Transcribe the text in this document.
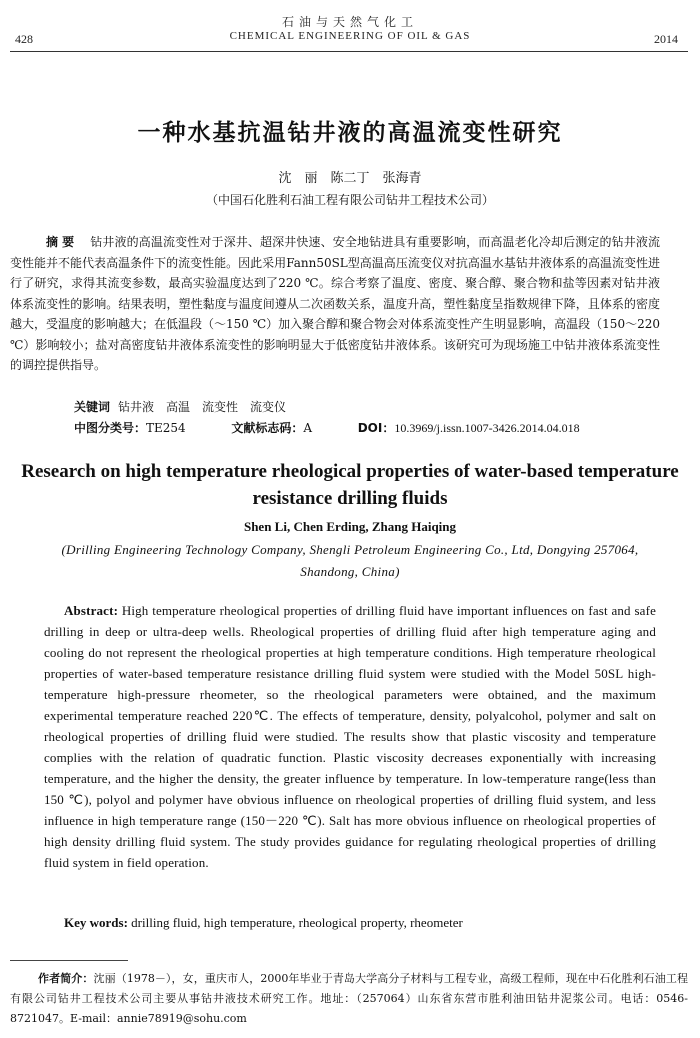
石油与天然气化工
CHEMICAL ENGINEERING OF OIL & GAS
428	2014
一种水基抗温钻井液的高温流变性研究
沈　丽　陈二丁　张海青
（中国石化胜利石油工程有限公司钻井工程技术公司）
摘要 钻井液的高温流变性对于深井、超深井快速、安全地钻进具有重要影响，而高温老化冷却后测定的钻井液流变性能并不能代表高温条件下的流变性能。因此采用Fann50SL型高温高压流变仪对抗高温水基钻井液体系的高温流变性进行了研究，求得其流变参数，最高实验温度达到了220 ℃。综合考察了温度、密度、聚合醇、聚合物和盐等因素对钻井液体系流变性的影响。结果表明，塑性黏度与温度间遵从二次函数关系，温度升高，塑性黏度呈指数规律下降，且体系的密度越大，受温度的影响越大；在低温段（～150 ℃）加入聚合醇和聚合物会对体系流变性产生明显影响，高温段（150～220 ℃）影响较小；盐对高密度钻井液体系流变性的影响明显大于低密度钻井液体系。该研究可为现场施工中钻井液体系流变性的调控提供指导。
关键词 钻井液　高温　流变性　流变仪
中图分类号：TE254	文献标志码：A	DOI：10.3969/j.issn.1007-3426.2014.04.018
Research on high temperature rheological properties of water-based temperature resistance drilling fluids
Shen Li, Chen Erding, Zhang Haiqing
(Drilling Engineering Technology Company, Shengli Petroleum Engineering Co., Ltd, Dongying 257064, Shandong, China)
Abstract: High temperature rheological properties of drilling fluid have important influences on fast and safe drilling in deep or ultra-deep wells. Rheological properties of drilling fluid after high temperature aging and cooling do not represent the rheological properties at high temperature conditions. High temperature rheological properties of water-based temperature resistance drilling fluid system were studied with the Model 50SL high-temperature high-pressure rheometer, so the rheological parameters were obtained, and the maximum experimental temperature reached 220℃. The effects of temperature, density, polyalcohol, polymer and salt on rheological properties of drilling fluid were studied. The results show that plastic viscosity and temperature complies with the relation of quadratic function. Plastic viscosity decreases exponentially with increasing temperature, and the higher the density, the greater influence by temperature. In low-temperature range(less than 150 ℃), polyol and polymer have obvious influence on rheological properties of drilling fluid system, and less influence in high temperature range (150－220 ℃). Salt has more obvious influence on rheological properties of high density drilling fluid system. The study provides guidance for regulating rheological properties of drilling fluid system in field operation.
Key words: drilling fluid, high temperature, rheological property, rheometer
作者简介：沈丽（1978－），女，重庆市人，2000年毕业于青岛大学高分子材料与工程专业，高级工程师，现在中石化胜利石油工程有限公司钻井工程技术公司主要从事钻井液技术研究工作。地址：（257064）山东省东营市胜利油田钻井泥浆公司。电话：0546-8721047。E-mail：annie78919@sohu.com
